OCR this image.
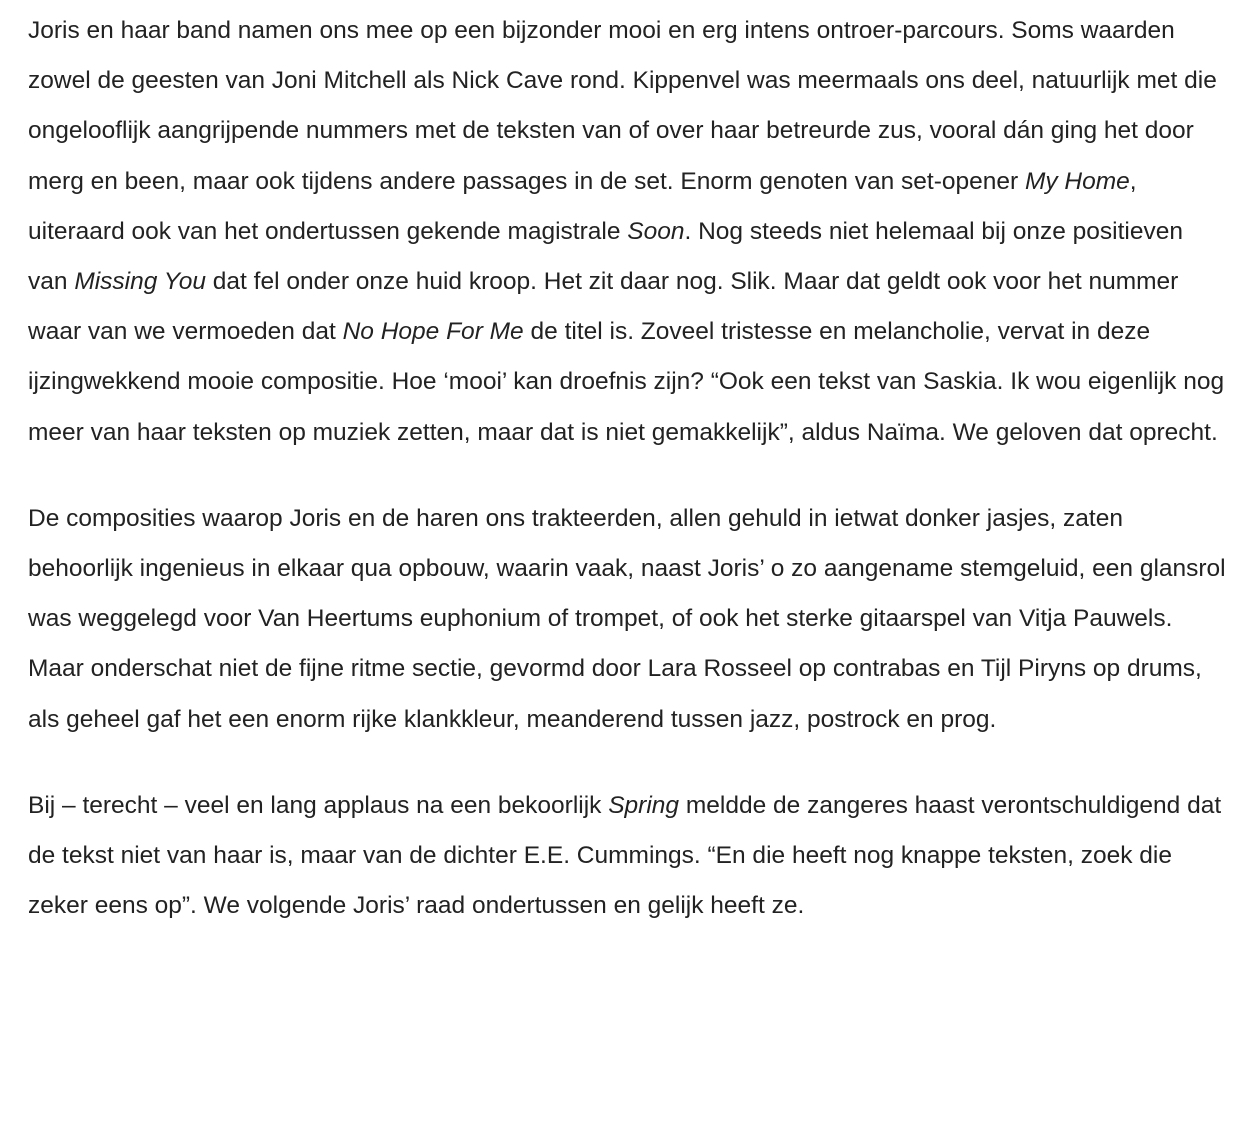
Joris en haar band namen ons mee op een bijzonder mooi en erg intens ontroer-parcours. Soms waarden zowel de geesten van Joni Mitchell als Nick Cave rond. Kippenvel was meermaals ons deel, natuurlijk met die ongelooflijk aangrijpende nummers met de teksten van of over haar betreurde zus, vooral dán ging het door merg en been, maar ook tijdens andere passages in de set. Enorm genoten van set-opener My Home, uiteraard ook van het ondertussen gekende magistrale Soon. Nog steeds niet helemaal bij onze positieven van Missing You dat fel onder onze huid kroop. Het zit daar nog. Slik. Maar dat geldt ook voor het nummer waar van we vermoeden dat No Hope For Me de titel is. Zoveel tristesse en melancholie, vervat in deze ijzingwekkend mooie compositie. Hoe ‘mooi’ kan droefnis zijn? “Ook een tekst van Saskia. Ik wou eigenlijk nog meer van haar teksten op muziek zetten, maar dat is niet gemakkelijk”, aldus Naïma. We geloven dat oprecht.

De composities waarop Joris en de haren ons trakteerden, allen gehuld in ietwat donker jasjes, zaten behoorlijk ingenieus in elkaar qua opbouw, waarin vaak, naast Joris’ o zo aangename stemgeluid, een glansrol was weggelegd voor Van Heertums euphonium of trompet, of ook het sterke gitaarspel van Vitja Pauwels. Maar onderschat niet de fijne ritme sectie, gevormd door Lara Rosseel op contrabas en Tijl Piryns op drums, als geheel gaf het een enorm rijke klankkleur, meanderend tussen jazz, postrock en prog.

Bij – terecht – veel en lang applaus na een bekoorlijk Spring meldde de zangeres haast verontschuldigend dat de tekst niet van haar is, maar van de dichter E.E. Cummings. “En die heeft nog knappe teksten, zoek die zeker eens op”. We volgende Joris’ raad ondertussen en gelijk heeft ze.
